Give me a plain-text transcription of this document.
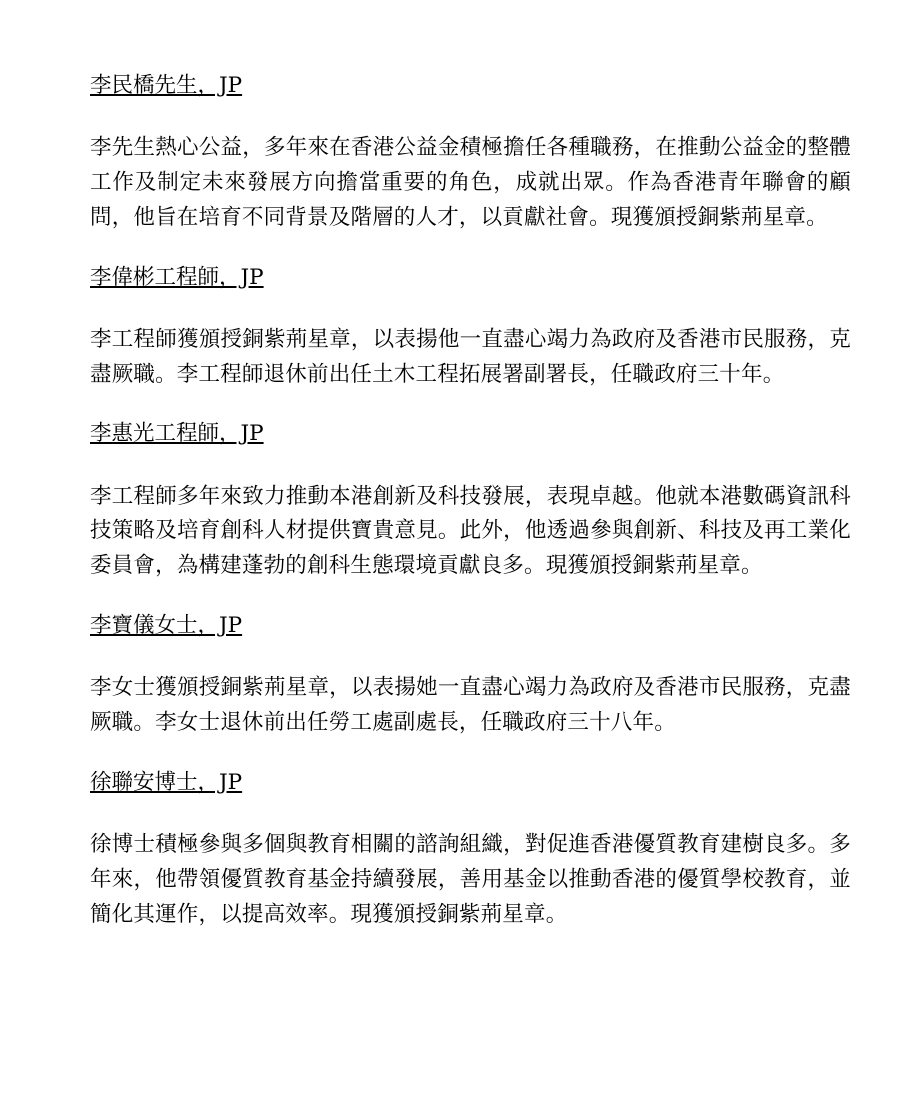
李民橋先生，JP

李先生熱心公益，多年來在香港公益金積極擔任各種職務，在推動公益金的整體工作及制定未來發展方向擔當重要的角色，成就出眾。作為香港青年聯會的顧問，他旨在培育不同背景及階層的人才，以貢獻社會。現獲頒授銅紫荊星章。

李偉彬工程師，JP

李工程師獲頒授銅紫荊星章，以表揚他一直盡心竭力為政府及香港市民服務，克盡厥職。李工程師退休前出任土木工程拓展署副署長，任職政府三十年。

李惠光工程師，JP

李工程師多年來致力推動本港創新及科技發展，表現卓越。他就本港數碼資訊科技策略及培育創科人材提供寶貴意見。此外，他透過參與創新、科技及再工業化委員會，為構建蓬勃的創科生態環境貢獻良多。現獲頒授銅紫荊星章。

李寶儀女士，JP

李女士獲頒授銅紫荊星章，以表揚她一直盡心竭力為政府及香港市民服務，克盡厥職。李女士退休前出任勞工處副處長，任職政府三十八年。

徐聯安博士，JP

徐博士積極參與多個與教育相關的諮詢組織，對促進香港優質教育建樹良多。多年來，他帶領優質教育基金持續發展，善用基金以推動香港的優質學校教育，並簡化其運作，以提高效率。現獲頒授銅紫荊星章。
